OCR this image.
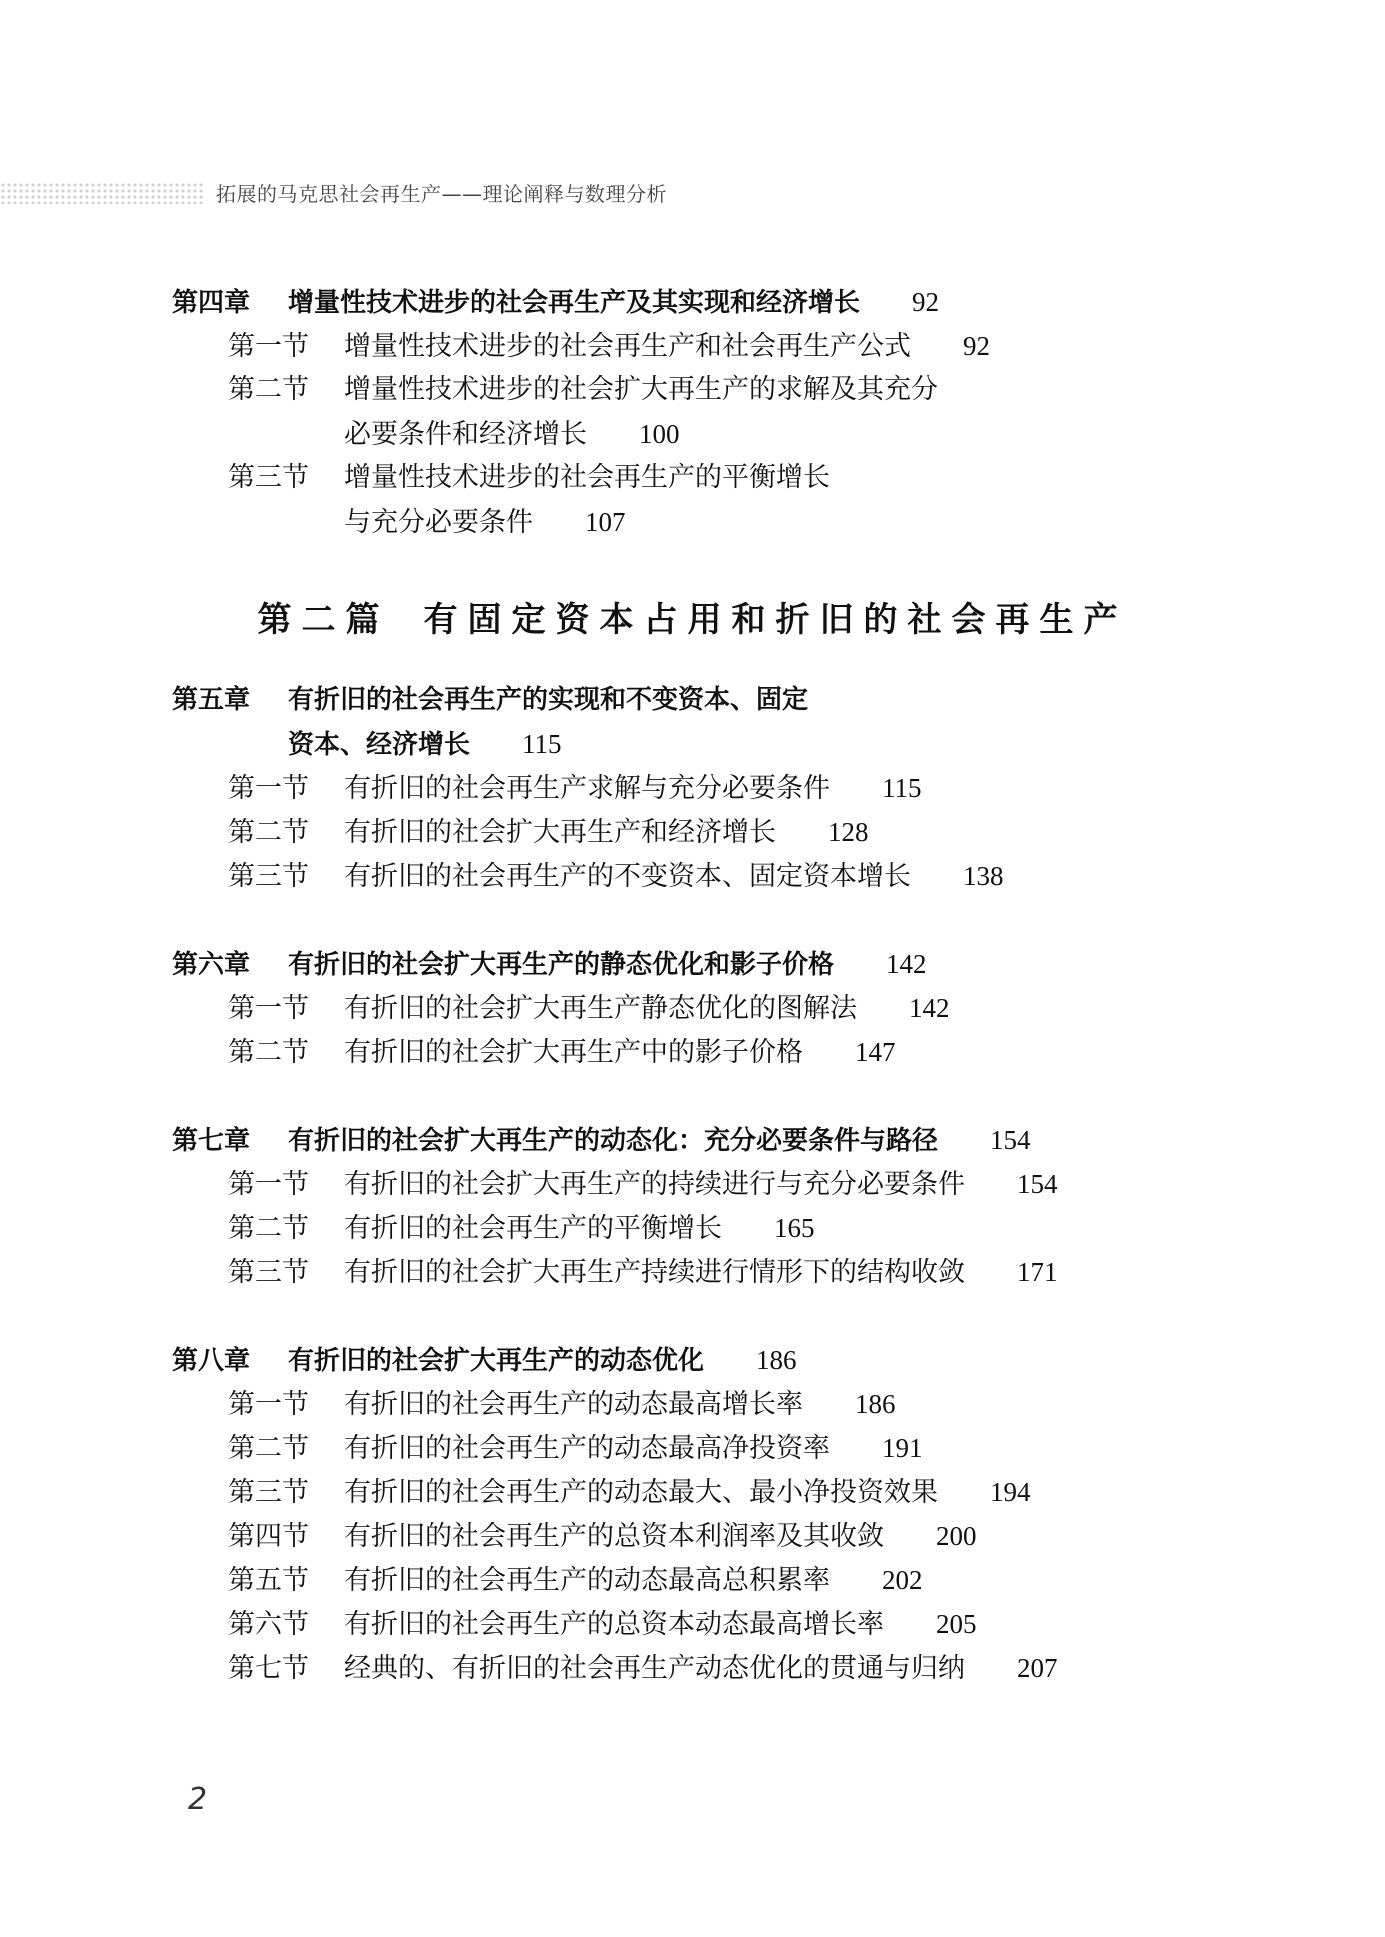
拓展的马克思社会再生产——理论阐释与数理分析
第四章 增量性技术进步的社会再生产及其实现和经济增长 92
第一节 增量性技术进步的社会再生产和社会再生产公式 92
第二节 增量性技术进步的社会扩大再生产的求解及其充分
必要条件和经济增长 100
第三节 增量性技术进步的社会再生产的平衡增长
与充分必要条件 107
第二篇 有固定资本占用和折旧的社会再生产
第五章 有折旧的社会再生产的实现和不变资本、固定
资本、经济增长 115
第一节 有折旧的社会再生产求解与充分必要条件 115
第二节 有折旧的社会扩大再生产和经济增长 128
第三节 有折旧的社会再生产的不变资本、固定资本增长 138
第六章 有折旧的社会扩大再生产的静态优化和影子价格 142
第一节 有折旧的社会扩大再生产静态优化的图解法 142
第二节 有折旧的社会扩大再生产中的影子价格 147
第七章 有折旧的社会扩大再生产的动态化：充分必要条件与路径 154
第一节 有折旧的社会扩大再生产的持续进行与充分必要条件 154
第二节 有折旧的社会再生产的平衡增长 165
第三节 有折旧的社会扩大再生产持续进行情形下的结构收敛 171
第八章 有折旧的社会扩大再生产的动态优化 186
第一节 有折旧的社会再生产的动态最高增长率 186
第二节 有折旧的社会再生产的动态最高净投资率 191
第三节 有折旧的社会再生产的动态最大、最小净投资效果 194
第四节 有折旧的社会再生产的总资本利润率及其收敛 200
第五节 有折旧的社会再生产的动态最高总积累率 202
第六节 有折旧的社会再生产的总资本动态最高增长率 205
第七节 经典的、有折旧的社会再生产动态优化的贯通与归纳 207
2
